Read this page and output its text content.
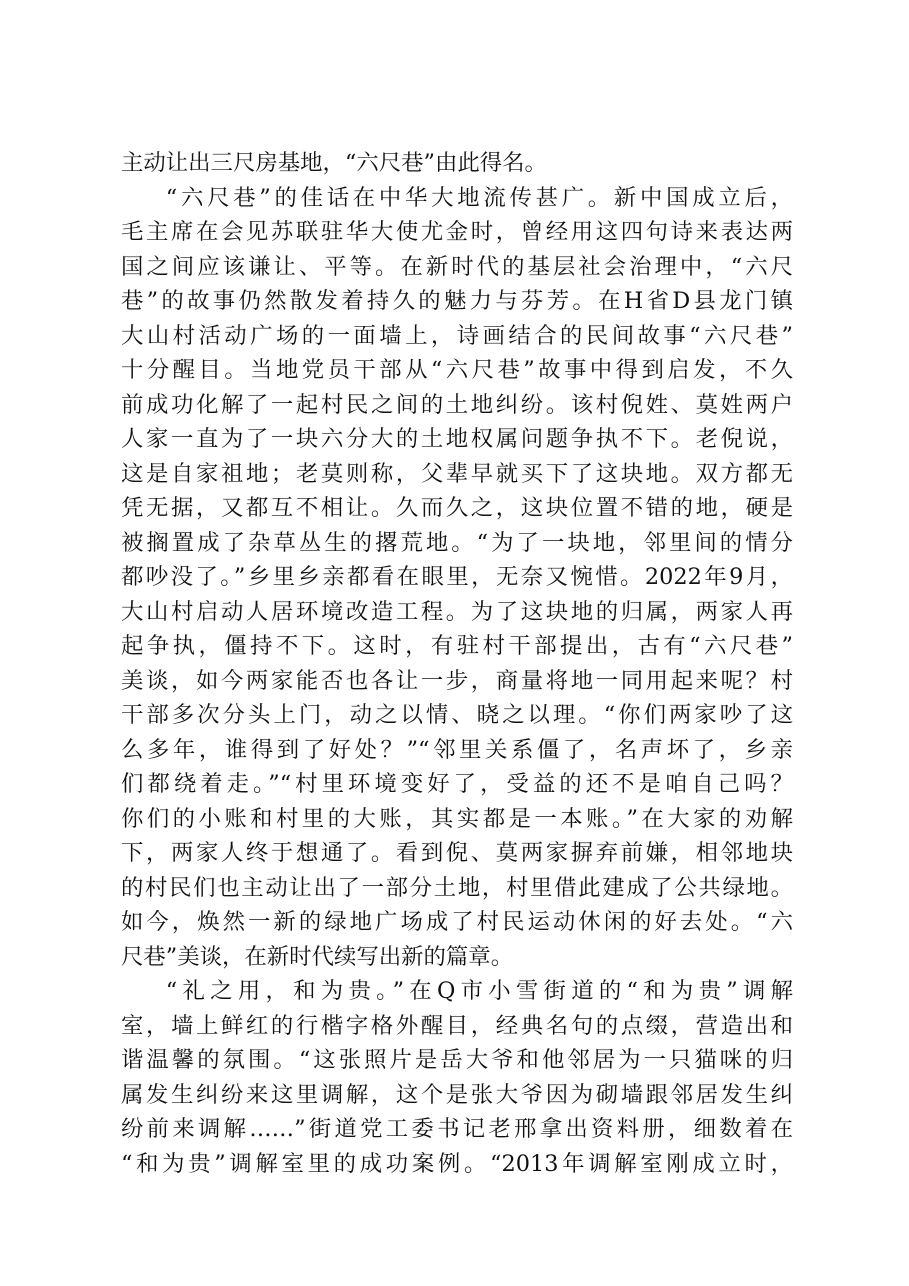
主动让出三尺房基地，“六尺巷”由此得名。
“六尺巷”的佳话在中华大地流传甚广。新中国成立后，
毛主席在会见苏联驻华大使尤金时，曾经用这四句诗来表达两
国之间应该谦让、平等。在新时代的基层社会治理中，“六尺
巷”的故事仍然散发着持久的魅力与芬芳。在H省D县龙门镇
大山村活动广场的一面墙上，诗画结合的民间故事“六尺巷”
十分醒目。当地党员干部从“六尺巷”故事中得到启发，不久
前成功化解了一起村民之间的土地纠纷。该村倪姓、莫姓两户
人家一直为了一块六分大的土地权属问题争执不下。老倪说，
这是自家祖地；老莫则称，父辈早就买下了这块地。双方都无
凭无据，又都互不相让。久而久之，这块位置不错的地，硬是
被搁置成了杂草丛生的撂荒地。“为了一块地，邻里间的情分
都吵没了。”乡里乡亲都看在眼里，无奈又惋惜。2022年9月，
大山村启动人居环境改造工程。为了这块地的归属，两家人再
起争执，僵持不下。这时，有驻村干部提出，古有“六尺巷”
美谈，如今两家能否也各让一步，商量将地一同用起来呢？村
干部多次分头上门，动之以情、晓之以理。“你们两家吵了这
么多年，谁得到了好处？”“邻里关系僵了，名声坏了，乡亲
们都绕着走。”“村里环境变好了，受益的还不是咱自己吗？
你们的小账和村里的大账，其实都是一本账。”在大家的劝解
下，两家人终于想通了。看到倪、莫两家摒弃前嫌，相邻地块
的村民们也主动让出了一部分土地，村里借此建成了公共绿地。
如今，焕然一新的绿地广场成了村民运动休闲的好去处。“六
尺巷”美谈，在新时代续写出新的篇章。
“礼之用，和为贵。”在Q市小雪街道的“和为贵”调解
室，墙上鲜红的行楷字格外醒目，经典名句的点缀，营造出和
谐温馨的氛围。“这张照片是岳大爷和他邻居为一只猫咪的归
属发生纠纷来这里调解，这个是张大爷因为砌墙跟邻居发生纠
纷前来调解……”街道党工委书记老邢拿出资料册，细数着在
“和为贵”调解室里的成功案例。“2013年调解室刚成立时，
